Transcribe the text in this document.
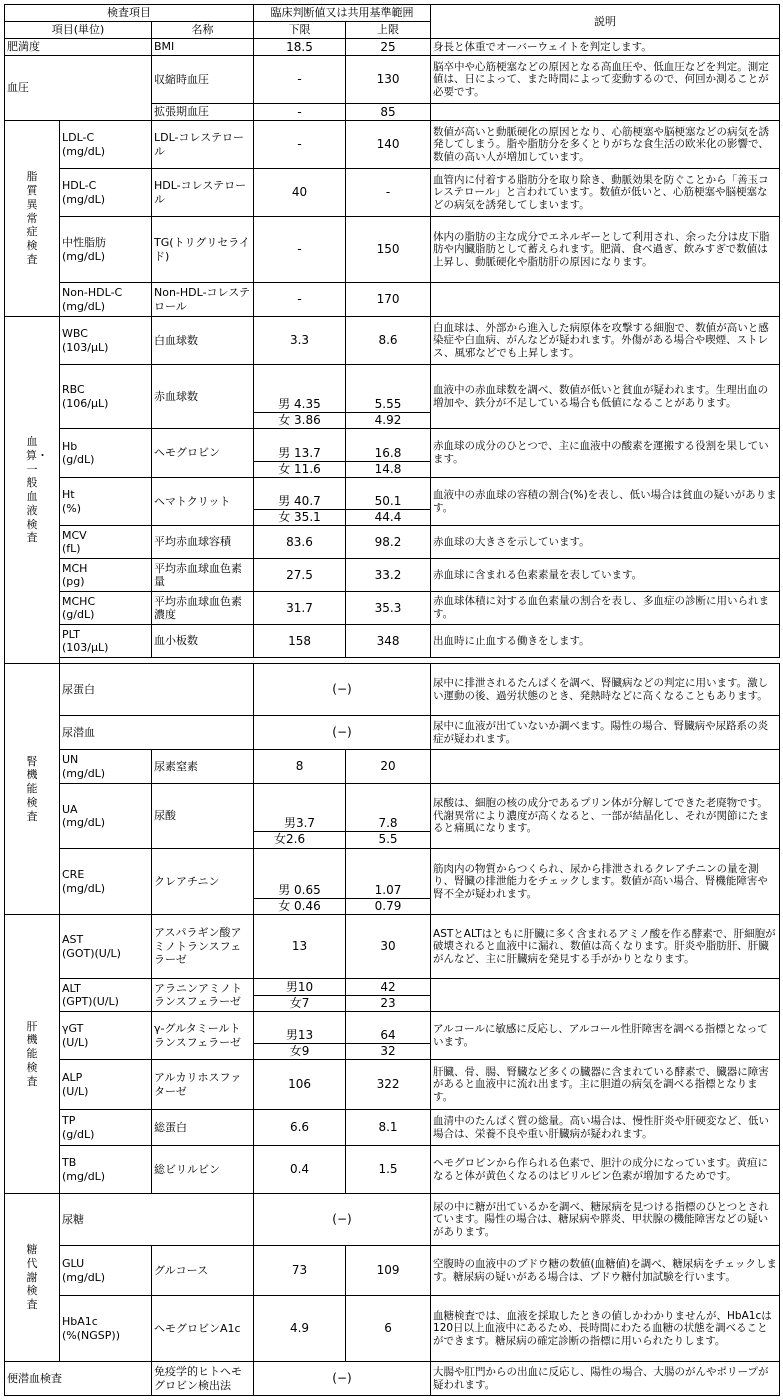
検査項目			臨床判断値又は共用基準範囲		説明
項目(単位)		名称	下限	上限	
肥満度		BMI	18.5	25	身長と体重でオーバーウェイトを判定します。
血圧		収縮時血圧	-	130	脳卒中や心筋梗塞などの原因となる高血圧や、低血圧などを判定。測定値は、日によって、また時間によって変動するので、何回か測ることが必要です。
		拡張期血圧	-	85	
脂質異常症検査	LDL-C
(mg/dL)	LDL-コレステロール	-	140	数値が高いと動脈硬化の原因となり、心筋梗塞や脳梗塞などの病気を誘発してしまう。脂や脂肪分を多くとりがちな食生活の欧米化の影響で、数値の高い人が増加しています。
	HDL-C
(mg/dL)	HDL-コレステロール	40	-	血管内に付着する脂肪分を取り除き、動脈効果を防ぐことから「善玉コレステロール」と言われています。数値が低いと、心筋梗塞や脳梗塞などの病気を誘発してしまいます。
	中性脂肪
(mg/dL)	TG(トリグリセライド)	-	150	体内の脂肪の主な成分でエネルギーとして利用され、余った分は皮下脂肪や内臓脂肪として蓄えられます。肥満、食べ過ぎ、飲みすぎで数値は上昇し、動脈硬化や脂肪肝の原因になります。
	Non-HDL-C
(mg/dL)	Non-HDL-コレステロール	-	170	
血算・一般血液検査	WBC
(103/μL)	白血球数	3.3	8.6	白血球は、外部から進入した病原体を攻撃する細胞で、数値が高いと感染症や白血病、がんなどが疑われます。外傷がある場合や喫煙、ストレス、風邪などでも上昇します。
	RBC
(106/μL)	赤血球数	男 4.35	5.55	血液中の赤血球数を調べ、数値が低いと貧血が疑われます。生理出血の増加や、鉄分が不足している場合も低値になることがあります。
			女 3.86	4.92	
	Hb
(g/dL)	ヘモグロビン	男 13.7	16.8	赤血球の成分のひとつで、主に血液中の酸素を運搬する役割を果しています。
			女 11.6	14.8	
	Ht
(%)	ヘマトクリット	男 40.7	50.1	血液中の赤血球の容積の割合(%)を表し、低い場合は貧血の疑いがあります。
			女 35.1	44.4	
	MCV
(fL)	平均赤血球容積	83.6	98.2	赤血球の大きさを示しています。
	MCH
(pg)	平均赤血球血色素量	27.5	33.2	赤血球に含まれる色素素量を表しています。
	MCHC
(g/dL)	平均赤血球血色素濃度	31.7	35.3	赤血球体積に対する血色素量の割合を表し、多血症の診断に用いられます。
	PLT
(103/μL)	血小板数	158	348	出血時に止血する働きをします。

腎機能検査	尿蛋白		(−)		尿中に排泄されるたんぱくを調べ、腎臓病などの判定に用います。激しい運動の後、過労状態のとき、発熱時などに高くなることもあります。
	尿潜血		(−)		尿中に血液が出ていないか調べます。陽性の場合、腎臓病や尿路系の炎症が疑われます。
	UN
(mg/dL)	尿素窒素	8	20	
	UA
(mg/dL)	尿酸	男3.7	7.8	尿酸は、細胞の核の成分であるプリン体が分解してできた老廃物です。代謝異常により濃度が高くなると、一部が結晶化し、それが関節にたまると痛風になります。
			女2.6	5.5	
	CRE
(mg/dL)	クレアチニン	男 0.65	1.07	筋肉内の物質からつくられ、尿から排泄されるクレアチニンの量を測り、腎臓の排泄能力をチェックします。数値が高い場合、腎機能障害や腎不全が疑われます。
			女 0.46	0.79	
肝機能検査	AST
(GOT)(U/L)	アスパラギン酸アミノトランスフェラーゼ	13	30	ASTとALTはともに肝臓に多く含まれるアミノ酸を作る酵素で、肝細胞が破壊されると血液中に漏れ、数値は高くなります。肝炎や脂肪肝、肝臓がんなど、主に肝臓病を発見する手がかりとなります。
	ALT
(GPT)(U/L)	アラニンアミノトランスフェラーゼ	男10	42	
			女7	23	
	γGT
(U/L)	γ-グルタミールトランスフェラーゼ	男13	64	アルコールに敏感に反応し、アルコール性肝障害を調べる指標となっています。
			女9	32	
	ALP
(U/L)	アルカリホスファターゼ	106	322	肝臓、骨、腸、腎臓など多くの臓器に含まれている酵素で、臓器に障害があると血液中に流れ出ます。主に胆道の病気を調べる指標となります。
	TP
(g/dL)	総蛋白	6.6	8.1	血清中のたんぱく質の総量。高い場合は、慢性肝炎や肝硬変など、低い場合は、栄養不良や重い肝臓病が疑われます。
	TB
(mg/dL)	総ビリルビン	0.4	1.5	ヘモグロビンから作られる色素で、胆汁の成分になっています。黄疸になると体が黄色くなるのはビリルビン色素が増加するためです。
糖代謝検査	尿糖		(−)		尿の中に糖が出ているかを調べ、糖尿病を見つける指標のひとつとされています。陽性の場合は、糖尿病や膵炎、甲状腺の機能障害などの疑いがあります。
	GLU
(mg/dL)	グルコース	73	109	空腹時の血液中のブドウ糖の数値(血糖値)を調べ、糖尿病をチェックします。糖尿病の疑いがある場合は、ブドウ糖付加試験を行います。
	HbA1c
(%(NGSP))	ヘモグロビンA1c	4.9	6	血糖検査では、血液を採取したときの値しかわかりませんが、HbA1cは120日以上血液中にあるため、長時間にわたる血糖の状態を調べることができます。糖尿病の確定診断の指標に用いられたりします。
便潜血検査		免疫学的ヒトヘモグロビン検出法	(−)		大腸や肛門からの出血に反応し、陽性の場合、大腸のがんやポリープが疑われます。
